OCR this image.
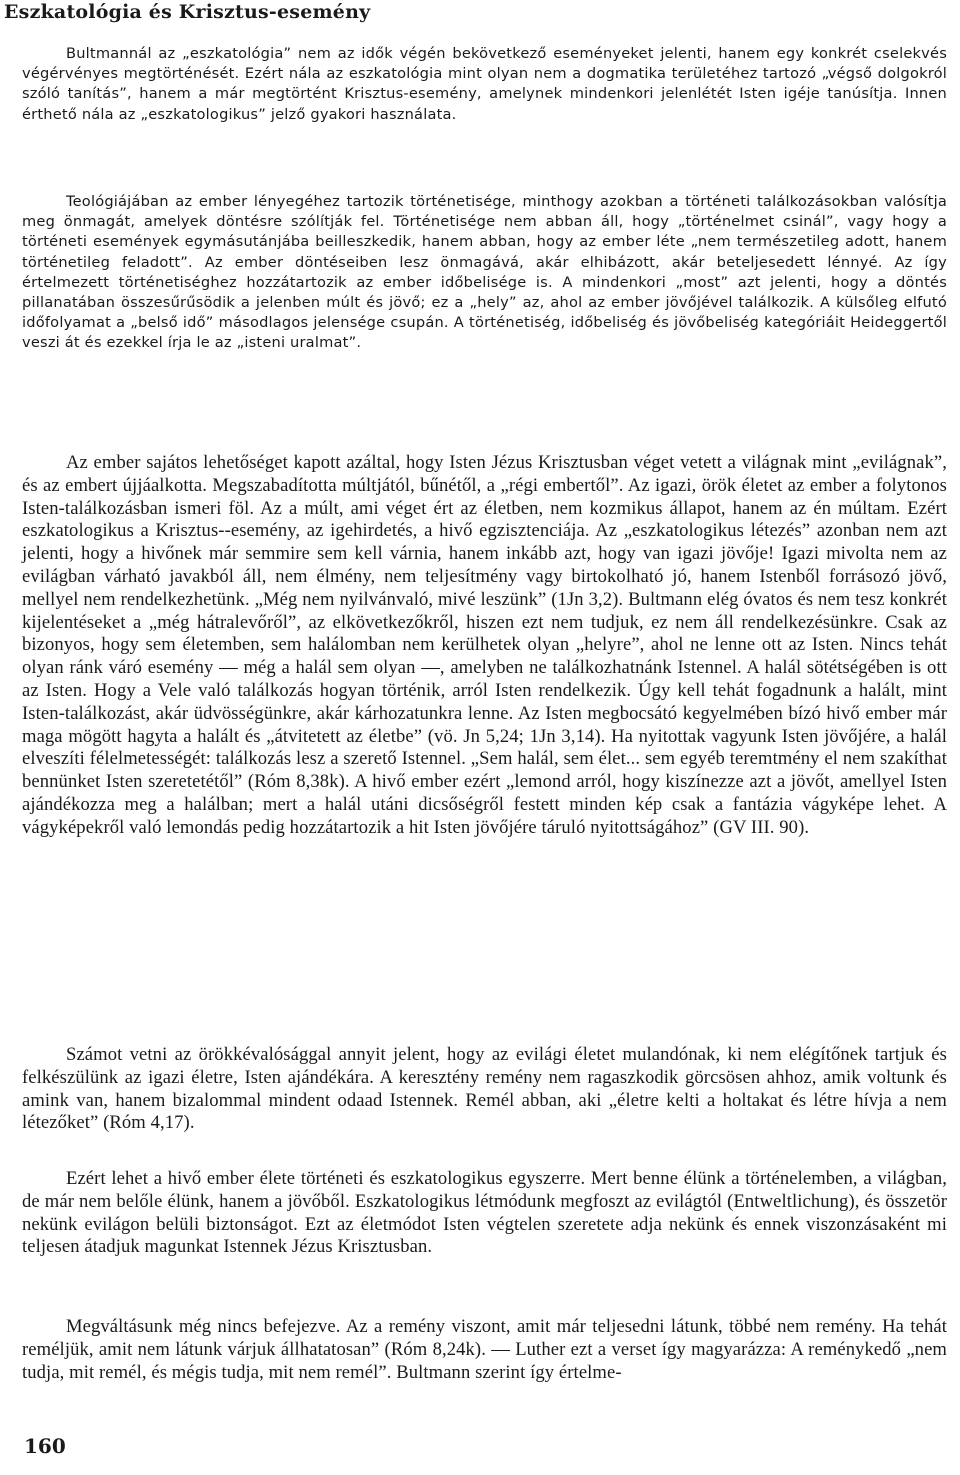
Eszkatológia és Krisztus-esemény

Bultmannál az „eszkatológia” nem az idők végén bekövetkező eseményeket jelenti, hanem egy konkrét cselekvés végérvényes megtörténését. Ezért nála az eszkatológia mint olyan nem a dogmatika területéhez tartozó „végső dolgokról szóló tanítás”, hanem a már megtörtént Krisztus-esemény, amelynek mindenkori jelenlétét Isten igéje tanúsítja. Innen érthető nála az „eszkatologikus” jelző gyakori használata.

Teológiájában az ember lényegéhez tartozik történetisége, minthogy azokban a történeti találkozásokban valósítja meg önmagát, amelyek döntésre szólítják fel. Történetisége nem abban áll, hogy „történelmet csinál”, vagy hogy a történeti események egymásutánjába beilleszkedik, hanem abban, hogy az ember léte „nem természetileg adott, hanem történetileg feladott”. Az ember döntéseiben lesz önmagává, akár elhibázott, akár beteljesedett lénnyé. Az így értelmezett történetiséghez hozzátartozik az ember időbelisége is. A mindenkori „most” azt jelenti, hogy a döntés pillanatában összesűrűsödik a jelenben múlt és jövő; ez a „hely” az, ahol az ember jövőjével találkozik. A külsőleg elfutó időfolyamat a „belső idő” másodlagos jelensége csupán. A történetiség, időbeliség és jövőbeliség kategóriáit Heideggertől veszi át és ezekkel írja le az „isteni uralmat”.

Az ember sajátos lehetőséget kapott azáltal, hogy Isten Jézus Krisztusban véget vetett a világnak mint „evilágnak”, és az embert újjáalkotta. Megszabadította múltjától, bűnétől, a „régi embertől”. Az igazi, örök életet az ember a folytonos Isten-találkozásban ismeri föl. Az a múlt, ami véget ért az életben, nem kozmikus állapot, hanem az én múltam. Ezért eszkatologikus a Krisztus--esemény, az igehirdetés, a hivő egzisztenciája. Az „eszkatologikus létezés” azonban nem azt jelenti, hogy a hivőnek már semmire sem kell várnia, hanem inkább azt, hogy van igazi jövője! Igazi mivolta nem az evilágban várható javakból áll, nem élmény, nem teljesítmény vagy birtokolható jó, hanem Istenből forrásozó jövő, mellyel nem rendelkezhetünk. „Még nem nyilvánvaló, mivé leszünk” (1Jn 3,2). Bultmann elég óvatos és nem tesz konkrét kijelentéseket a „még hátralevőről”, az elkövetkezőkről, hiszen ezt nem tudjuk, ez nem áll rendelkezésünkre. Csak az bizonyos, hogy sem életemben, sem halálomban nem kerülhetek olyan „helyre”, ahol ne lenne ott az Isten. Nincs tehát olyan ránk váró esemény — még a halál sem olyan —, amelyben ne találkozhatnánk Istennel. A halál sötétségében is ott az Isten. Hogy a Vele való találkozás hogyan történik, arról Isten rendelkezik. Úgy kell tehát fogadnunk a halált, mint Isten-találkozást, akár üdvösségünkre, akár kárhozatunkra lenne. Az Isten megbocsátó kegyelmében bízó hivő ember már maga mögött hagyta a halált és „átvitetett az életbe” (vö. Jn 5,24; 1Jn 3,14). Ha nyitottak vagyunk Isten jövőjére, a halál elveszíti félelmetességét: találkozás lesz a szerető Istennel. „Sem halál, sem élet... sem egyéb teremtmény el nem szakíthat bennünket Isten szeretetétől” (Róm 8,38k). A hivő ember ezért „lemond arról, hogy kiszínezze azt a jövőt, amellyel Isten ajándékozza meg a halálban; mert a halál utáni dicsőségről festett minden kép csak a fantázia vágyképe lehet. A vágyképekről való lemondás pedig hozzátartozik a hit Isten jövőjére táruló nyitottságához” (GV III. 90).

Számot vetni az örökkévalósággal annyit jelent, hogy az evilági életet mulandónak, ki nem elégítőnek tartjuk és felkészülünk az igazi életre, Isten ajándékára. A keresztény remény nem ragaszkodik görcsösen ahhoz, amik voltunk és amink van, hanem bizalommal mindent odaad Istennek. Remél abban, aki „életre kelti a holtakat és létre hívja a nem létezőket” (Róm 4,17).

Ezért lehet a hivő ember élete történeti és eszkatologikus egyszerre. Mert benne élünk a történelemben, a világban, de már nem belőle élünk, hanem a jövőből. Eszkatologikus létmódunk megfoszt az evilágtól (Entweltlichung), és összetör nekünk evilágon belüli biztonságot. Ezt az életmódot Isten végtelen szeretete adja nekünk és ennek viszonzásaként mi teljesen átadjuk magunkat Istennek Jézus Krisztusban.

Megváltásunk még nincs befejezve. Az a remény viszont, amit már teljesedni látunk, többé nem remény. Ha tehát reméljük, amit nem látunk várjuk állhatatosan” (Róm 8,24k). — Luther ezt a verset így magyarázza: A reménykedő „nem tudja, mit remél, és mégis tudja, mit nem remél”. Bultmann szerint így értelme-

160
